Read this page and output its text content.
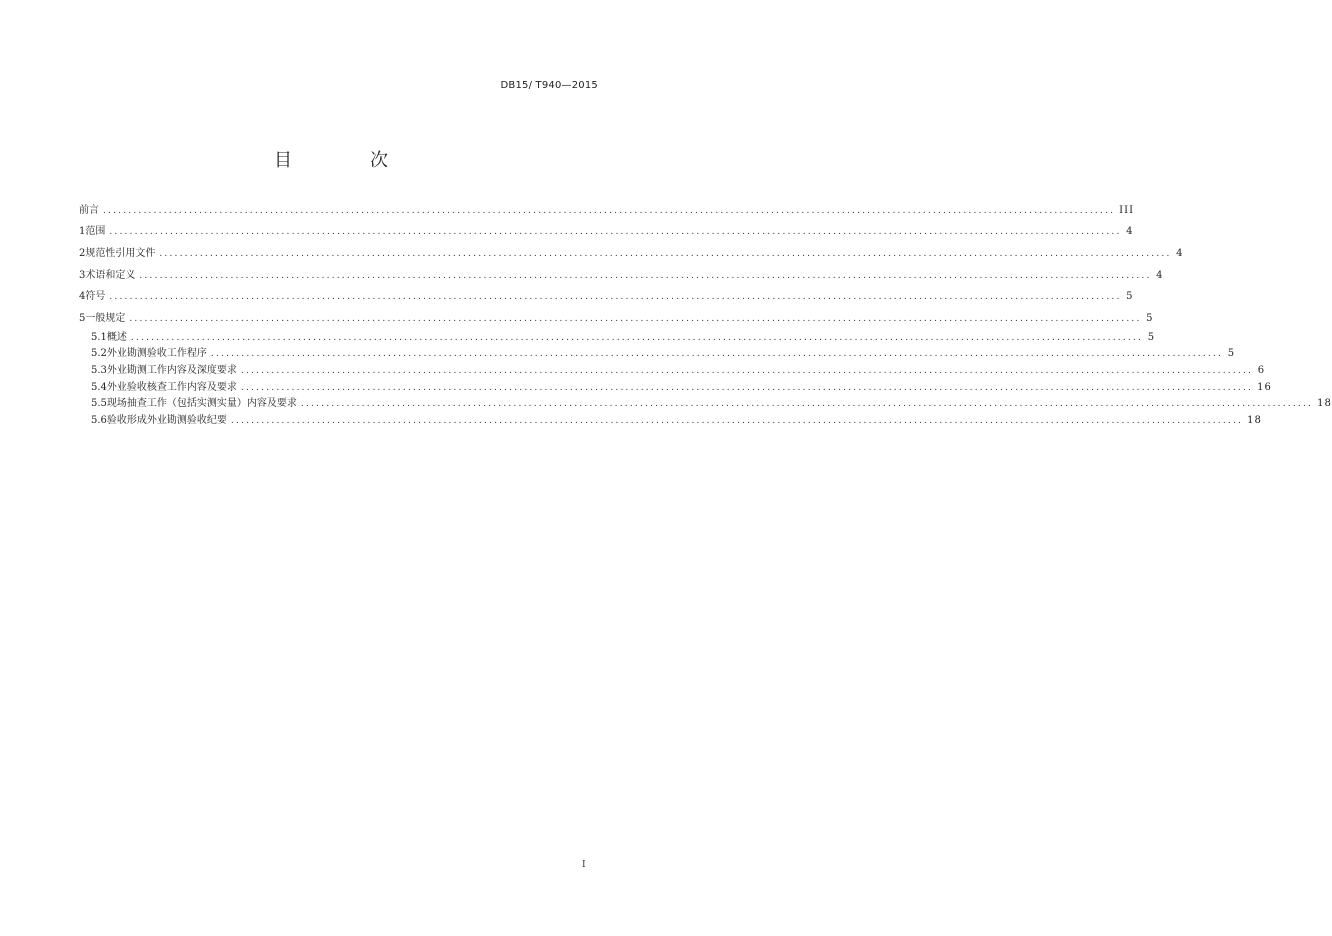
DB15/ T940—2015
目　次
前言 ........................................................................................................................................................................................................ III
1 范围 ........................................................................................................................................................................................................ 4
2 规范性引用文件 ........................................................................................................................................................................................................ 4
3 术语和定义 ........................................................................................................................................................................................................ 4
4 符号 ........................................................................................................................................................................................................ 5
5 一般规定 ........................................................................................................................................................................................................ 5
5.1 概述 ........................................................................................................................................................................................................ 5
5.2 外业勘测验收工作程序 ........................................................................................................................................................................................................ 5
5.3 外业勘测工作内容及深度要求 ........................................................................................................................................................................................................ 6
5.4 外业验收核查工作内容及要求 ........................................................................................................................................................................................................ 16
5.5 现场抽查工作（包括实测实量）内容及要求 ........................................................................................................................................................................................................ 18
5.6 验收形成外业勘测验收纪要 ........................................................................................................................................................................................................ 18
I
